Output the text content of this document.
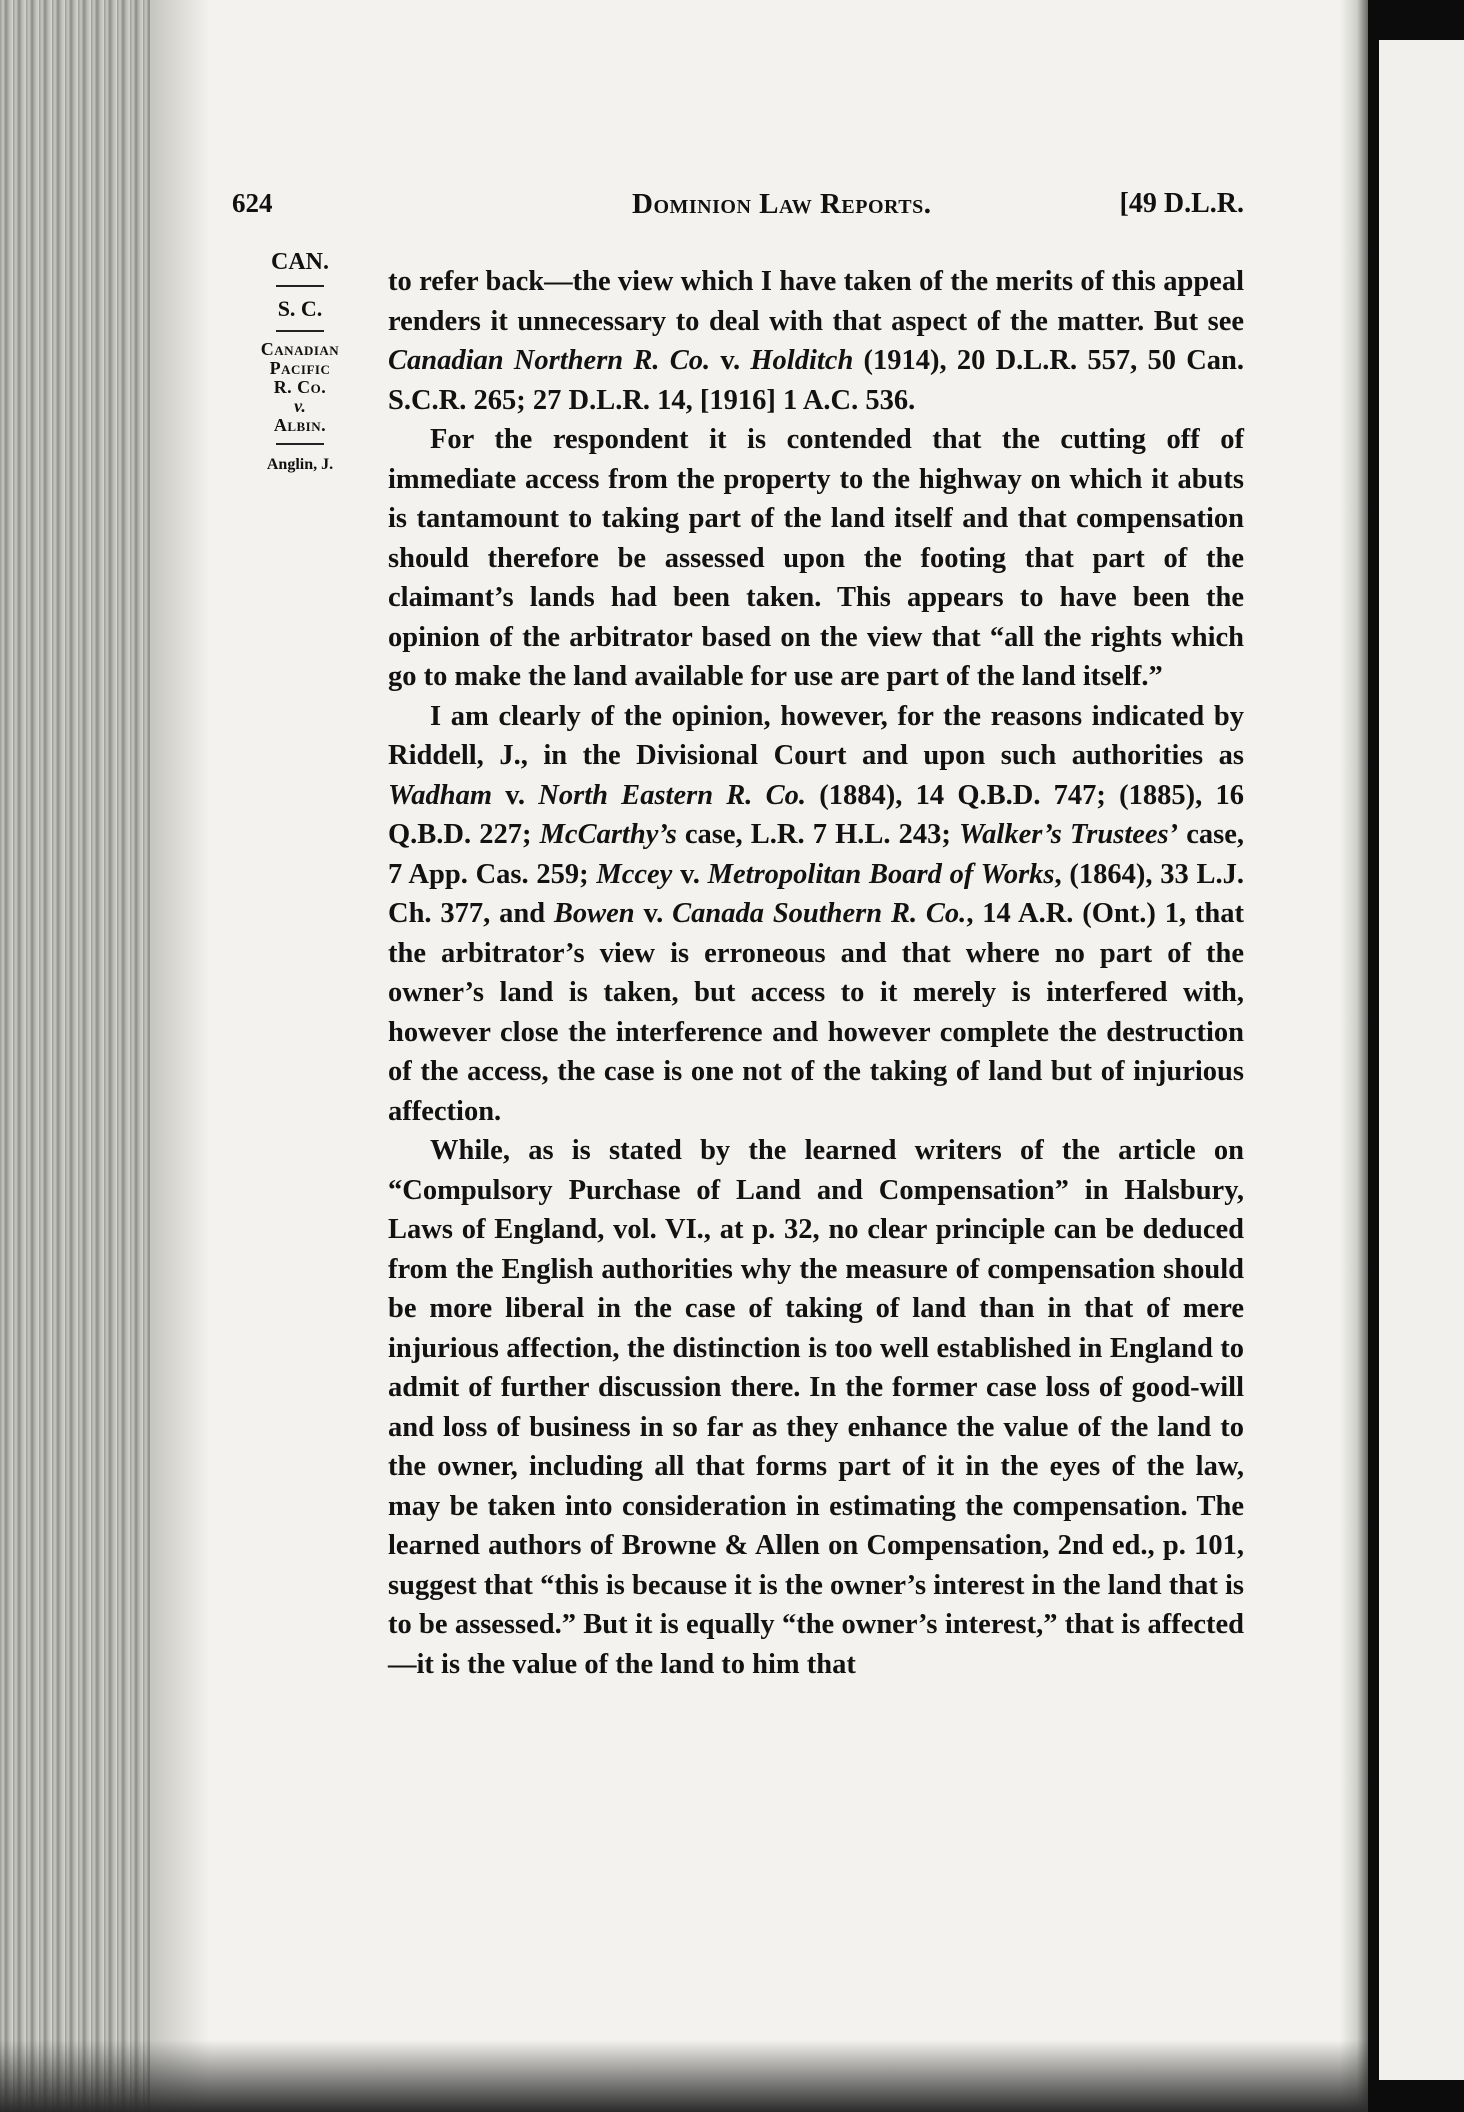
624	Dominion Law Reports.	[49 D.L.R.
CAN.
S. C.
Canadian
Pacific
R. Co.
v.
Albin.
Anglin, J.

to refer back—the view which I have taken of the merits of this appeal renders it unnecessary to deal with that aspect of the matter. But see Canadian Northern R. Co. v. Holditch (1914), 20 D.L.R. 557, 50 Can. S.C.R. 265; 27 D.L.R. 14, [1916] 1 A.C. 536.

For the respondent it is contended that the cutting off of immediate access from the property to the highway on which it abuts is tantamount to taking part of the land itself and that compensation should therefore be assessed upon the footing that part of the claimant’s lands had been taken. This appears to have been the opinion of the arbitrator based on the view that “all the rights which go to make the land available for use are part of the land itself.”

I am clearly of the opinion, however, for the reasons indicated by Riddell, J., in the Divisional Court and upon such authorities as Wadham v. North Eastern R. Co. (1884), 14 Q.B.D. 747; (1885), 16 Q.B.D. 227; McCarthy’s case, L.R. 7 H.L. 243; Walker’s Trustees’ case, 7 App. Cas. 259; Mccey v. Metropolitan Board of Works, (1864), 33 L.J. Ch. 377, and Bowen v. Canada Southern R. Co., 14 A.R. (Ont.) 1, that the arbitrator’s view is erroneous and that where no part of the owner’s land is taken, but access to it merely is interfered with, however close the interference and however complete the destruction of the access, the case is one not of the taking of land but of injurious affection.

While, as is stated by the learned writers of the article on “Compulsory Purchase of Land and Compensation” in Halsbury, Laws of England, vol. VI., at p. 32, no clear principle can be deduced from the English authorities why the measure of compensation should be more liberal in the case of taking of land than in that of mere injurious affection, the distinction is too well established in England to admit of further discussion there. In the former case loss of good-will and loss of business in so far as they enhance the value of the land to the owner, including all that forms part of it in the eyes of the law, may be taken into consideration in estimating the compensation. The learned authors of Browne & Allen on Compensation, 2nd ed., p. 101, suggest that “this is because it is the owner’s interest in the land that is to be assessed.” But it is equally “the owner’s interest,” that is affected—it is the value of the land to him that
